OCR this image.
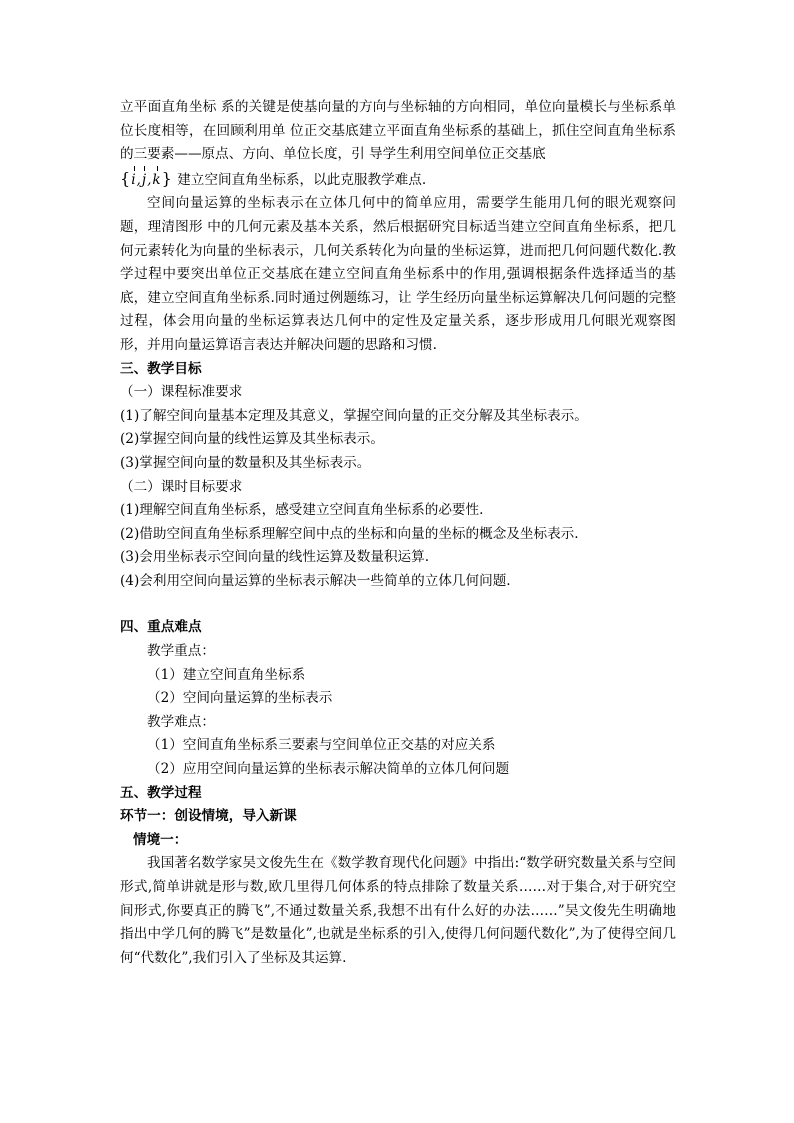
立平面直角坐标 系的关键是使基向量的方向与坐标轴的方向相同，单位向量模长与坐标系单位长度相等，在回顾利用单 位正交基底建立平面直角坐标系的基础上，抓住空间直角坐标系的三要素——原点、方向、单位长度，引 导学生利用空间单位正交基底

{i,j,k} 建立空间直角坐标系，以此克服教学难点.

空间向量运算的坐标表示在立体几何中的简单应用，需要学生能用几何的眼光观察问题，理清图形 中的几何元素及基本关系，然后根据研究目标适当建立空间直角坐标系，把几何元素转化为向量的坐标表示，几何关系转化为向量的坐标运算，进而把几何问题代数化.教学过程中要突出单位正交基底在建立空间直角坐标系中的作用,强调根据条件选择适当的基底，建立空间直角坐标系.同时通过例题练习，让 学生经历向量坐标运算解决几何问题的完整过程，体会用向量的坐标运算表达几何中的定性及定量关系，逐步形成用几何眼光观察图形，并用向量运算语言表达并解决问题的思路和习惯.

三、教学目标

（一）课程标准要求

(1)了解空间向量基本定理及其意义，掌握空间向量的正交分解及其坐标表示。

(2)掌握空间向量的线性运算及其坐标表示。

(3)掌握空间向量的数量积及其坐标表示。

（二）课时目标要求

(1)理解空间直角坐标系，感受建立空间直角坐标系的必要性.

(2)借助空间直角坐标系理解空间中点的坐标和向量的坐标的概念及坐标表示.

(3)会用坐标表示空间向量的线性运算及数量积运算.

(4)会利用空间向量运算的坐标表示解决一些简单的立体几何问题.

四、重点难点

教学重点：

（1）建立空间直角坐标系

（2）空间向量运算的坐标表示

教学难点：

（1）空间直角坐标系三要素与空间单位正交基的对应关系

（2）应用空间向量运算的坐标表示解决简单的立体几何问题

五、教学过程

环节一：创设情境，导入新课

情境一：

我国著名数学家吴文俊先生在《数学教育现代化问题》中指出:“数学研究数量关系与空间形式,简单讲就是形与数,欧几里得几何体系的特点排除了数量关系……对于集合,对于研究空间形式,你要真正的腾飞”,不通过数量关系,我想不出有什么好的办法……”吴文俊先生明确地指出中学几何的腾飞”是数量化”,也就是坐标系的引入,使得几何问题代数化”,为了使得空间几何“代数化”,我们引入了坐标及其运算.
